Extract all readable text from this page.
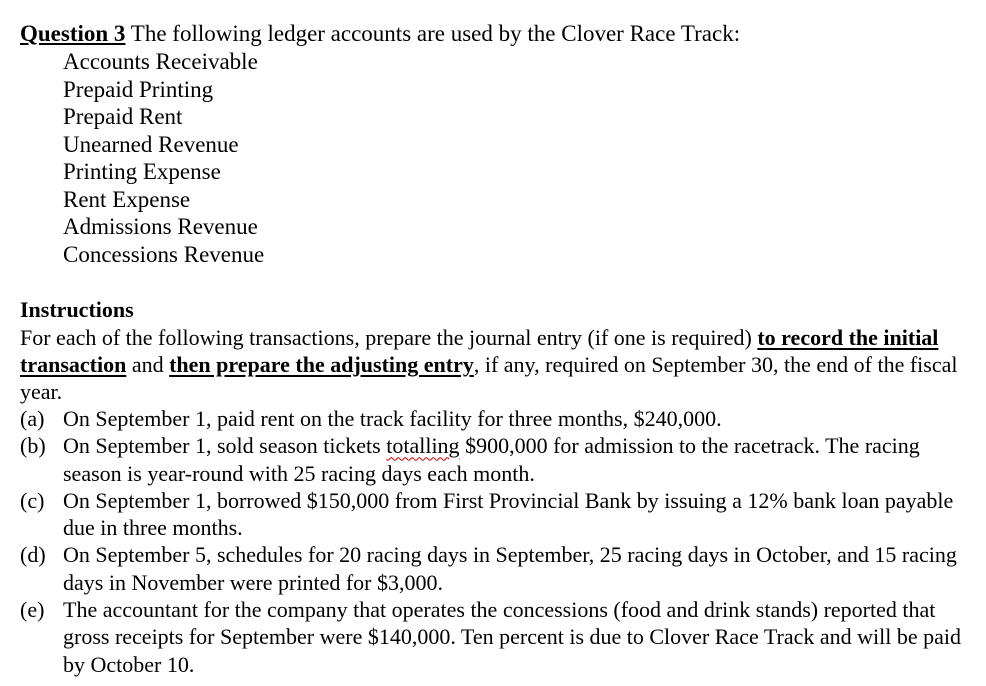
Question 3 The following ledger accounts are used by the Clover Race Track:
Accounts Receivable
Prepaid Printing
Prepaid Rent
Unearned Revenue
Printing Expense
Rent Expense
Admissions Revenue
Concessions Revenue
Instructions
For each of the following transactions, prepare the journal entry (if one is required) to record the initial transaction and then prepare the adjusting entry, if any, required on September 30, the end of the fiscal year.
(a) On September 1, paid rent on the track facility for three months, $240,000.
(b) On September 1, sold season tickets totalling $900,000 for admission to the racetrack. The racing season is year-round with 25 racing days each month.
(c) On September 1, borrowed $150,000 from First Provincial Bank by issuing a 12% bank loan payable due in three months.
(d) On September 5, schedules for 20 racing days in September, 25 racing days in October, and 15 racing days in November were printed for $3,000.
(e) The accountant for the company that operates the concessions (food and drink stands) reported that gross receipts for September were $140,000. Ten percent is due to Clover Race Track and will be paid by October 10.
